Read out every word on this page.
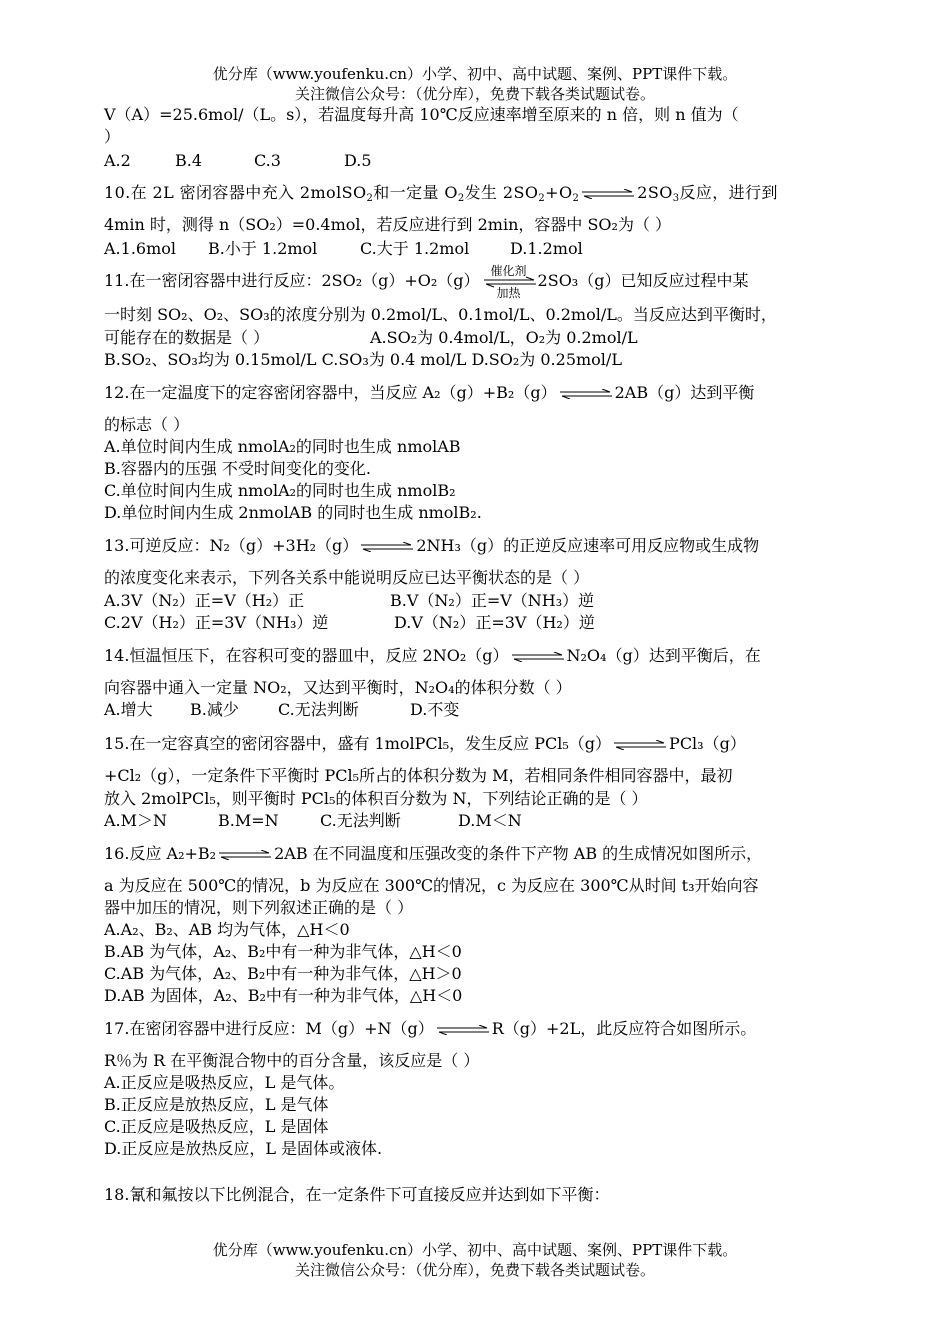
优分库（www.youfenku.cn）小学、初中、高中试题、案例、PPT课件下载。
关注微信公众号：（优分库），免费下载各类试题试卷。
V（A）=25.6mol/（L。s），若温度每升高 10℃反应速率增至原来的 n 倍，则 n 值为（
）
A.2	B.4	C.3	D.5
10.在 2L 密闭容器中充入 2molSO$_2$和一定量 $O_2$发生 $2SO_2+O_2$	$2SO_3$反应，进行到
4min 时，测得 n（SO₂）=0.4mol，若反应进行到 2min，容器中 SO₂为（ ）
A.1.6mol B.小于 1.2mol	C.大于 1.2mol	D.1.2mol
11.在一密闭容器中进行反应：2SO₂（g）+O₂（g）
催化剂
加热
2SO₃（g）已知反应过程中某
一时刻 SO₂、O₂、SO₃的浓度分别为 0.2mol/L、0.1mol/L、0.2mol/L。当反应达到平衡时，
可能存在的数据是（ ）	A.SO₂为 0.4mol/L，O₂为 0.2mol/L
B.SO₂、SO₃均为 0.15mol/L C.SO₃为 0.4 mol/L D.SO₂为 0.25mol/L
12.在一定温度下的定容密闭容器中，当反应 A₂（g）+B₂（g）	2AB（g）达到平衡
的标志（ ）
A.单位时间内生成 nmolA₂的同时也生成 nmolAB
B.容器内的压强 不受时间变化的变化.
C.单位时间内生成 nmolA₂的同时也生成 nmolB₂
D.单位时间内生成 2nmolAB 的同时也生成 nmolB₂.
13.可逆反应：N₂（g）+3H₂（g）	2NH₃（g）的正逆反应速率可用反应物或生成物
的浓度变化来表示，下列各关系中能说明反应已达平衡状态的是（ ）
A.3V（N₂）正=V（H₂）正	B.V（N₂）正=V（NH₃）逆
C.2V（H₂）正=3V（NH₃）逆	D.V（N₂）正=3V（H₂）逆
14.恒温恒压下，在容积可变的器皿中，反应 2NO₂（g）	N₂O₄（g）达到平衡后，在
向容器中通入一定量 NO₂，又达到平衡时，N₂O₄的体积分数（ ）
A.增大 B.减少 C.无法判断	D.不变
15.在一定容真空的密闭容器中，盛有 1molPCl₅，发生反应 PCl₅（g）	PCl₃（g）
+Cl₂（g），一定条件下平衡时 PCl₅所占的体积分数为 M，若相同条件相同容器中，最初
放入 2molPCl₅，则平衡时 PCl₅的体积百分数为 N，下列结论正确的是（ ）
A.M＞N	B.M=N	C.无法判断	D.M＜N
16.反应 A₂+B₂	2AB 在不同温度和压强改变的条件下产物 AB 的生成情况如图所示，
a 为反应在 500℃的情况，b 为反应在 300℃的情况，c 为反应在 300℃从时间 t₃开始向容
器中加压的情况，则下列叙述正确的是（ ）
A.A₂、B₂、AB 均为气体，△H＜0
B.AB 为气体，A₂、B₂中有一种为非气体，△H＜0
C.AB 为气体，A₂、B₂中有一种为非气体，△H＞0
D.AB 为固体，A₂、B₂中有一种为非气体，△H＜0
17.在密闭容器中进行反应：M（g）+N（g）	R（g）+2L，此反应符合如图所示。
R％为 R 在平衡混合物中的百分含量，该反应是（ ）
A.正反应是吸热反应，L 是气体。
B.正反应是放热反应，L 是气体
C.正反应是吸热反应，L 是固体
D.正反应是放热反应，L 是固体或液体.
18.氰和氟按以下比例混合，在一定条件下可直接反应并达到如下平衡：
优分库（www.youfenku.cn）小学、初中、高中试题、案例、PPT课件下载。
关注微信公众号：（优分库），免费下载各类试题试卷。
